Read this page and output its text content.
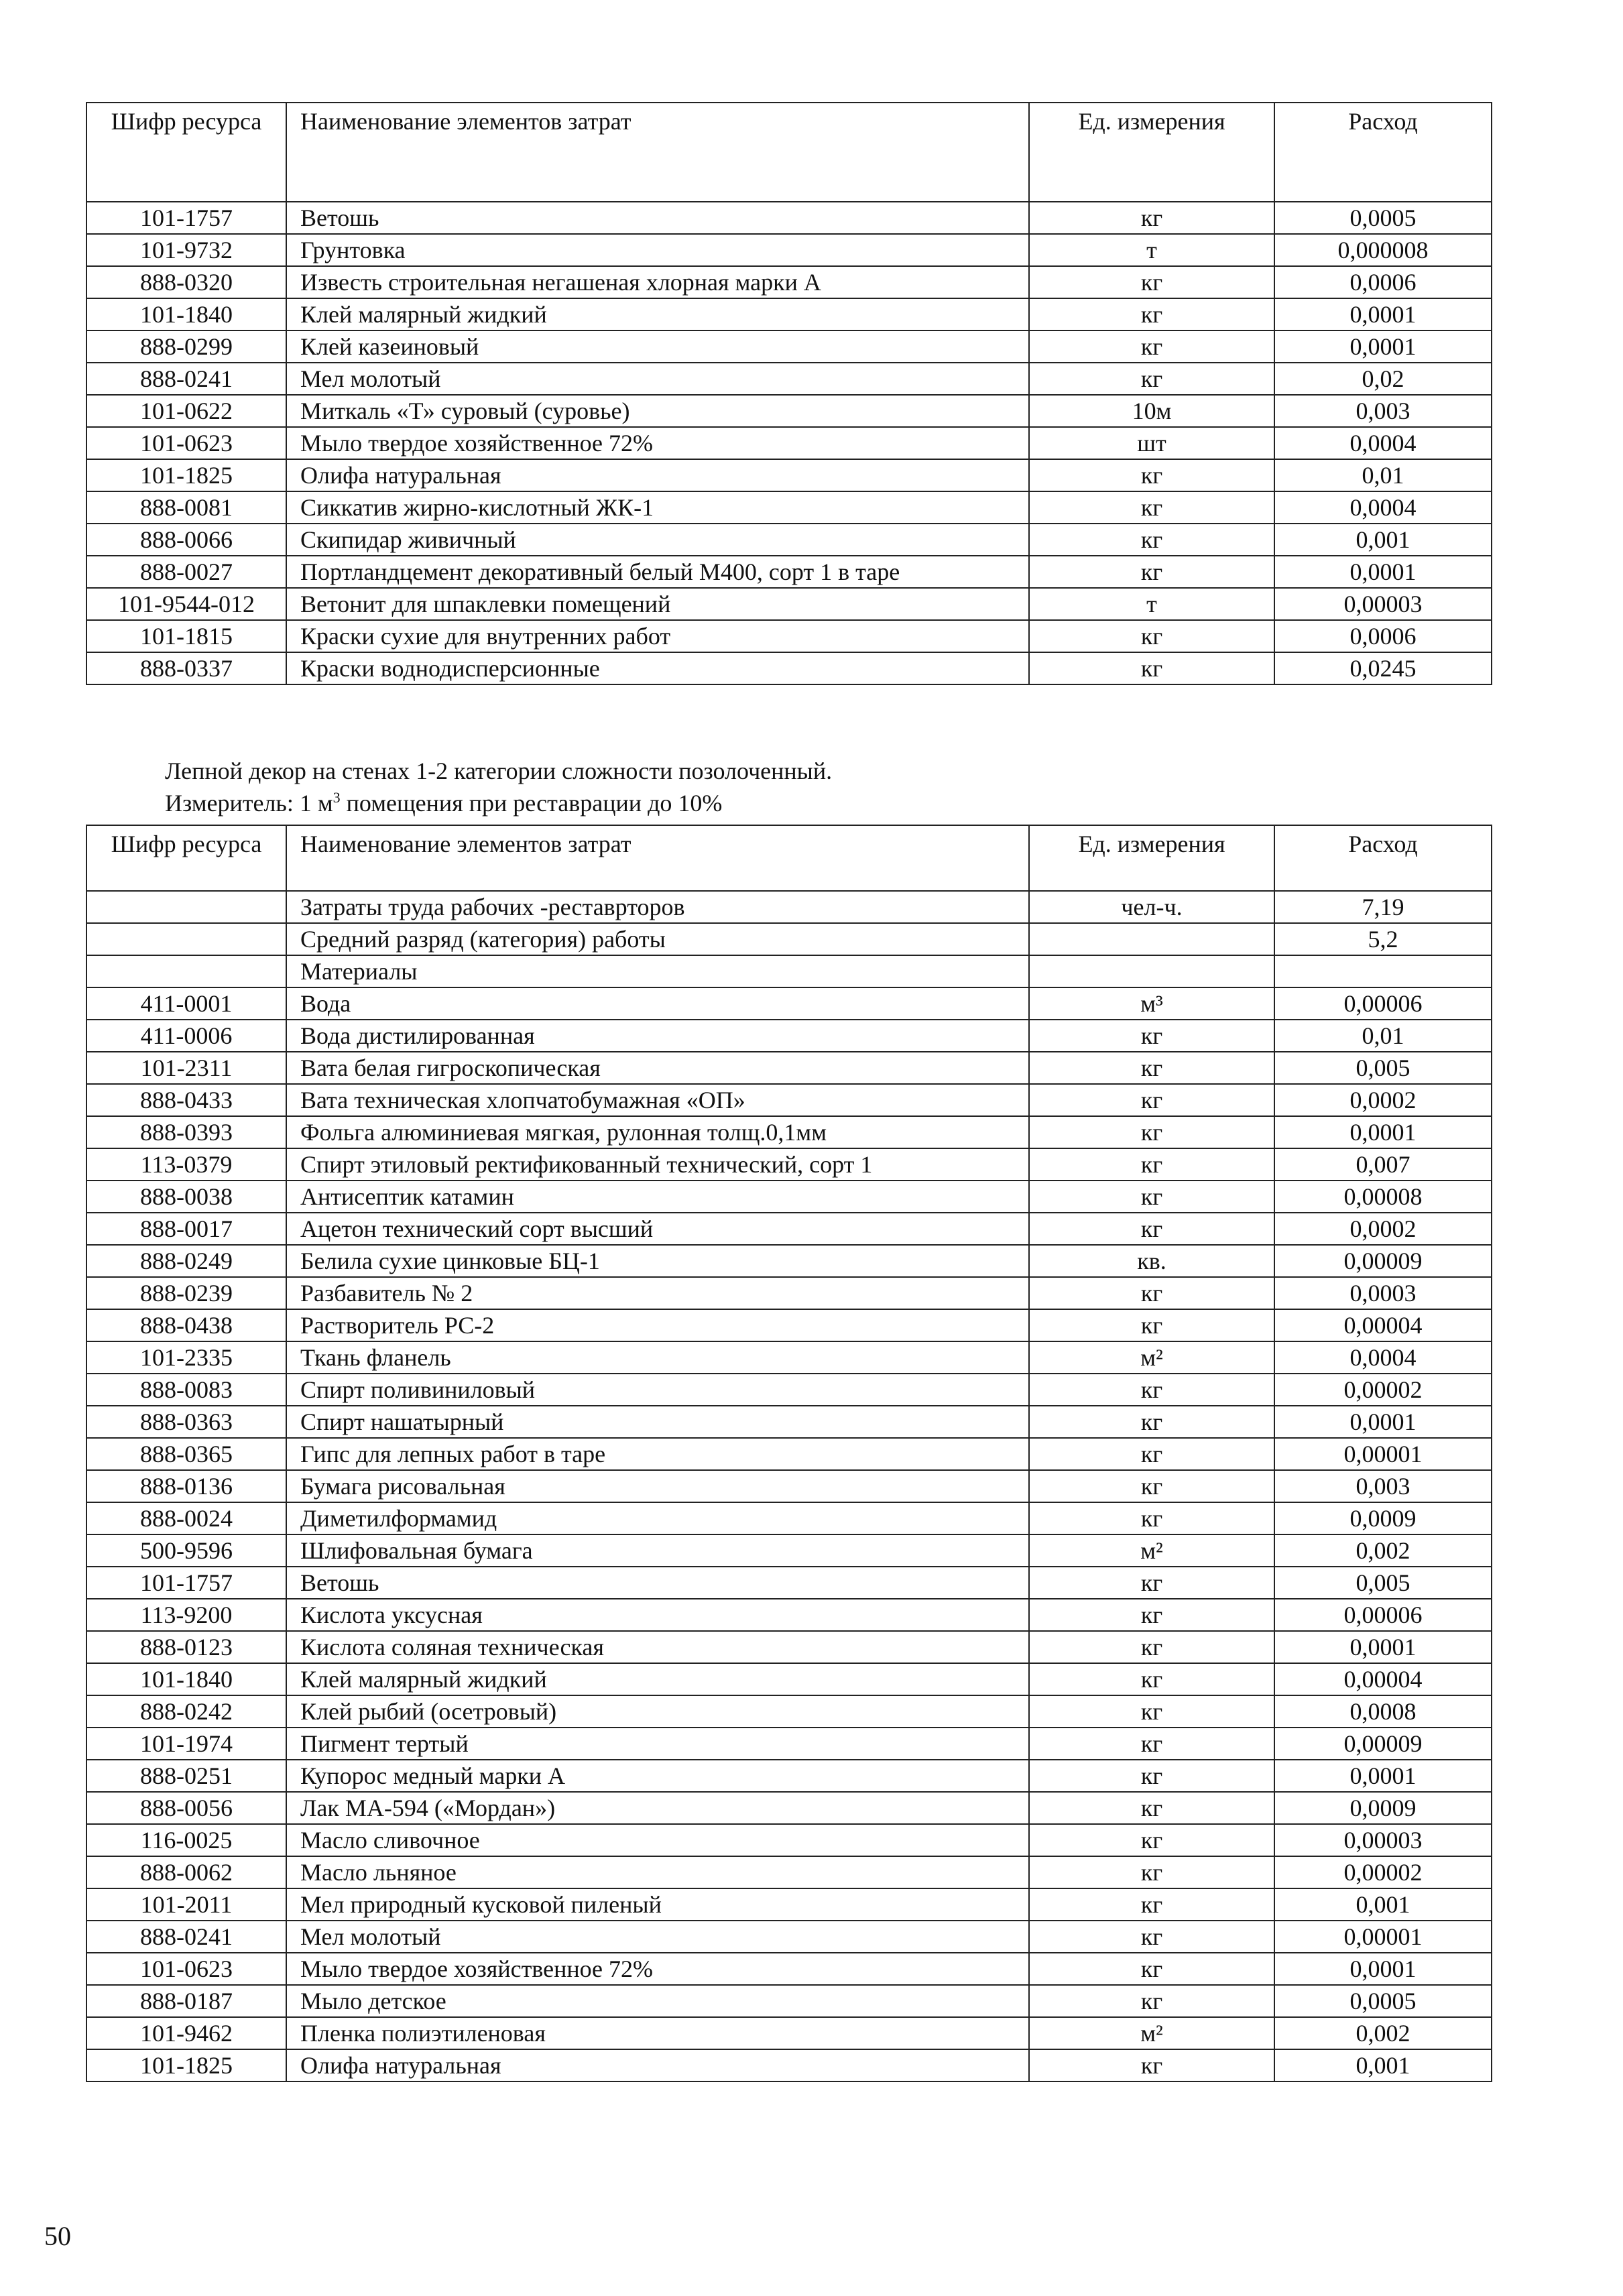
Шифр ресурса	Наименование элементов затрат	Ед. измерения	Расход
101-1757	Ветошь	кг	0,0005
101-9732	Грунтовка	т	0,000008
888-0320	Известь строительная негашеная хлорная марки А	кг	0,0006
101-1840	Клей малярный жидкий	кг	0,0001
888-0299	Клей казеиновый	кг	0,0001
888-0241	Мел молотый	кг	0,02
101-0622	Миткаль «Т» суровый (суровье)	10м	0,003
101-0623	Мыло твердое хозяйственное 72%	шт	0,0004
101-1825	Олифа натуральная	кг	0,01
888-0081	Сиккатив жирно-кислотный ЖК-1	кг	0,0004
888-0066	Скипидар живичный	кг	0,001
888-0027	Портландцемент декоративный белый М400, сорт 1 в таре	кг	0,0001
101-9544-012	Ветонит для шпаклевки помещений	т	0,00003
101-1815	Краски сухие для внутренних работ	кг	0,0006
888-0337	Краски воднодисперсионные	кг	0,0245
Лепной декор на стенах 1-2 категории сложности позолоченный.
Измеритель: 1 $м^3$ помещения при реставрации до 10%
Шифр ресурса	Наименование элементов затрат	Ед. измерения	Расход
	Затраты труда рабочих -реставрторов	чел-ч.	7,19
	Средний разряд (категория) работы		5,2
	Материалы		
411-0001	Вода	м³	0,00006
411-0006	Вода дистилированная	кг	0,01
101-2311	Вата белая гигроскопическая	кг	0,005
888-0433	Вата техническая хлопчатобумажная «ОП»	кг	0,0002
888-0393	Фольга алюминиевая мягкая, рулонная толщ.0,1мм	кг	0,0001
113-0379	Спирт этиловый ректификованный технический, сорт 1	кг	0,007
888-0038	Антисептик катамин	кг	0,00008
888-0017	Ацетон технический сорт высший	кг	0,0002
888-0249	Белила сухие цинковые БЦ-1	кв.	0,00009
888-0239	Разбавитель № 2	кг	0,0003
888-0438	Растворитель РС-2	кг	0,00004
101-2335	Ткань фланель	м²	0,0004
888-0083	Спирт поливиниловый	кг	0,00002
888-0363	Спирт нашатырный	кг	0,0001
888-0365	Гипс для лепных работ в таре	кг	0,00001
888-0136	Бумага рисовальная	кг	0,003
888-0024	Диметилформамид	кг	0,0009
500-9596	Шлифовальная бумага	м²	0,002
101-1757	Ветошь	кг	0,005
113-9200	Кислота уксусная	кг	0,00006
888-0123	Кислота соляная техническая	кг	0,0001
101-1840	Клей малярный жидкий	кг	0,00004
888-0242	Клей рыбий (осетровый)	кг	0,0008
101-1974	Пигмент тертый	кг	0,00009
888-0251	Купорос медный марки А	кг	0,0001
888-0056	Лак МА-594 («Мордан»)	кг	0,0009
116-0025	Масло сливочное	кг	0,00003
888-0062	Масло льняное	кг	0,00002
101-2011	Мел природный кусковой пиленый	кг	0,001
888-0241	Мел молотый	кг	0,00001
101-0623	Мыло твердое хозяйственное 72%	кг	0,0001
888-0187	Мыло детское	кг	0,0005
101-9462	Пленка полиэтиленовая	м²	0,002
101-1825	Олифа натуральная	кг	0,001
50
